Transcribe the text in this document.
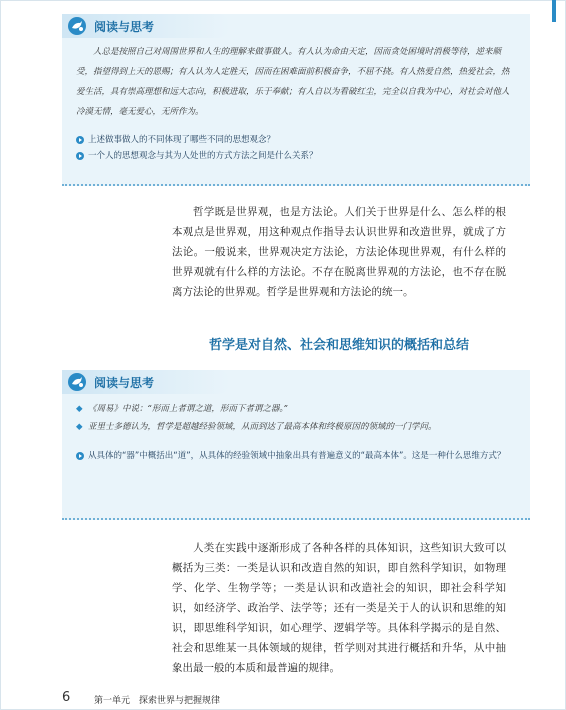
阅读与思考
人总是按照自己对周围世界和人生的理解来做事做人。有人认为命由天定，因而贪处困境时消极等待，逆来顺受，指望得到上天的恩赐；有人认为人定胜天，因而在困难面前积极奋争，不屈不挠。有人热爱自然，热爱社会，热爱生活，具有崇高理想和远大志向，积极进取，乐于奉献；有人自以为看破红尘，完全以自我为中心，对社会对他人冷漠无情，毫无爱心，无所作为。
上述做事做人的不同体现了哪些不同的思想观念？
一个人的思想观念与其为人处世的方式方法之间是什么关系？
哲学既是世界观，也是方法论。人们关于世界是什么、怎么样的根本观点是世界观，用这种观点作指导去认识世界和改造世界，就成了方法论。一般说来，世界观决定方法论，方法论体现世界观，有什么样的世界观就有什么样的方法论。不存在脱离世界观的方法论，也不存在脱离方法论的世界观。哲学是世界观和方法论的统一。
哲学是对自然、社会和思维知识的概括和总结
阅读与思考
◆ 《周易》中说：“形而上者谓之道，形而下者谓之器。”
◆ 亚里士多德认为，哲学是超越经验领域，从而到达了最高本体和终极原因的领域的一门学问。
从具体的“器”中概括出“道”，从具体的经验领域中抽象出具有普遍意义的“最高本体”。这是一种什么思维方式？
人类在实践中逐渐形成了各种各样的具体知识，这些知识大致可以概括为三类：一类是认识和改造自然的知识，即自然科学知识，如物理学、化学、生物学等；一类是认识和改造社会的知识，即社会科学知识，如经济学、政治学、法学等；还有一类是关于人的认识和思维的知识，即思维科学知识，如心理学、逻辑学等。具体科学揭示的是自然、社会和思维某一具体领域的规律，哲学则对其进行概括和升华，从中抽象出最一般的本质和最普遍的规律。
6	第一单元　探索世界与把握规律
